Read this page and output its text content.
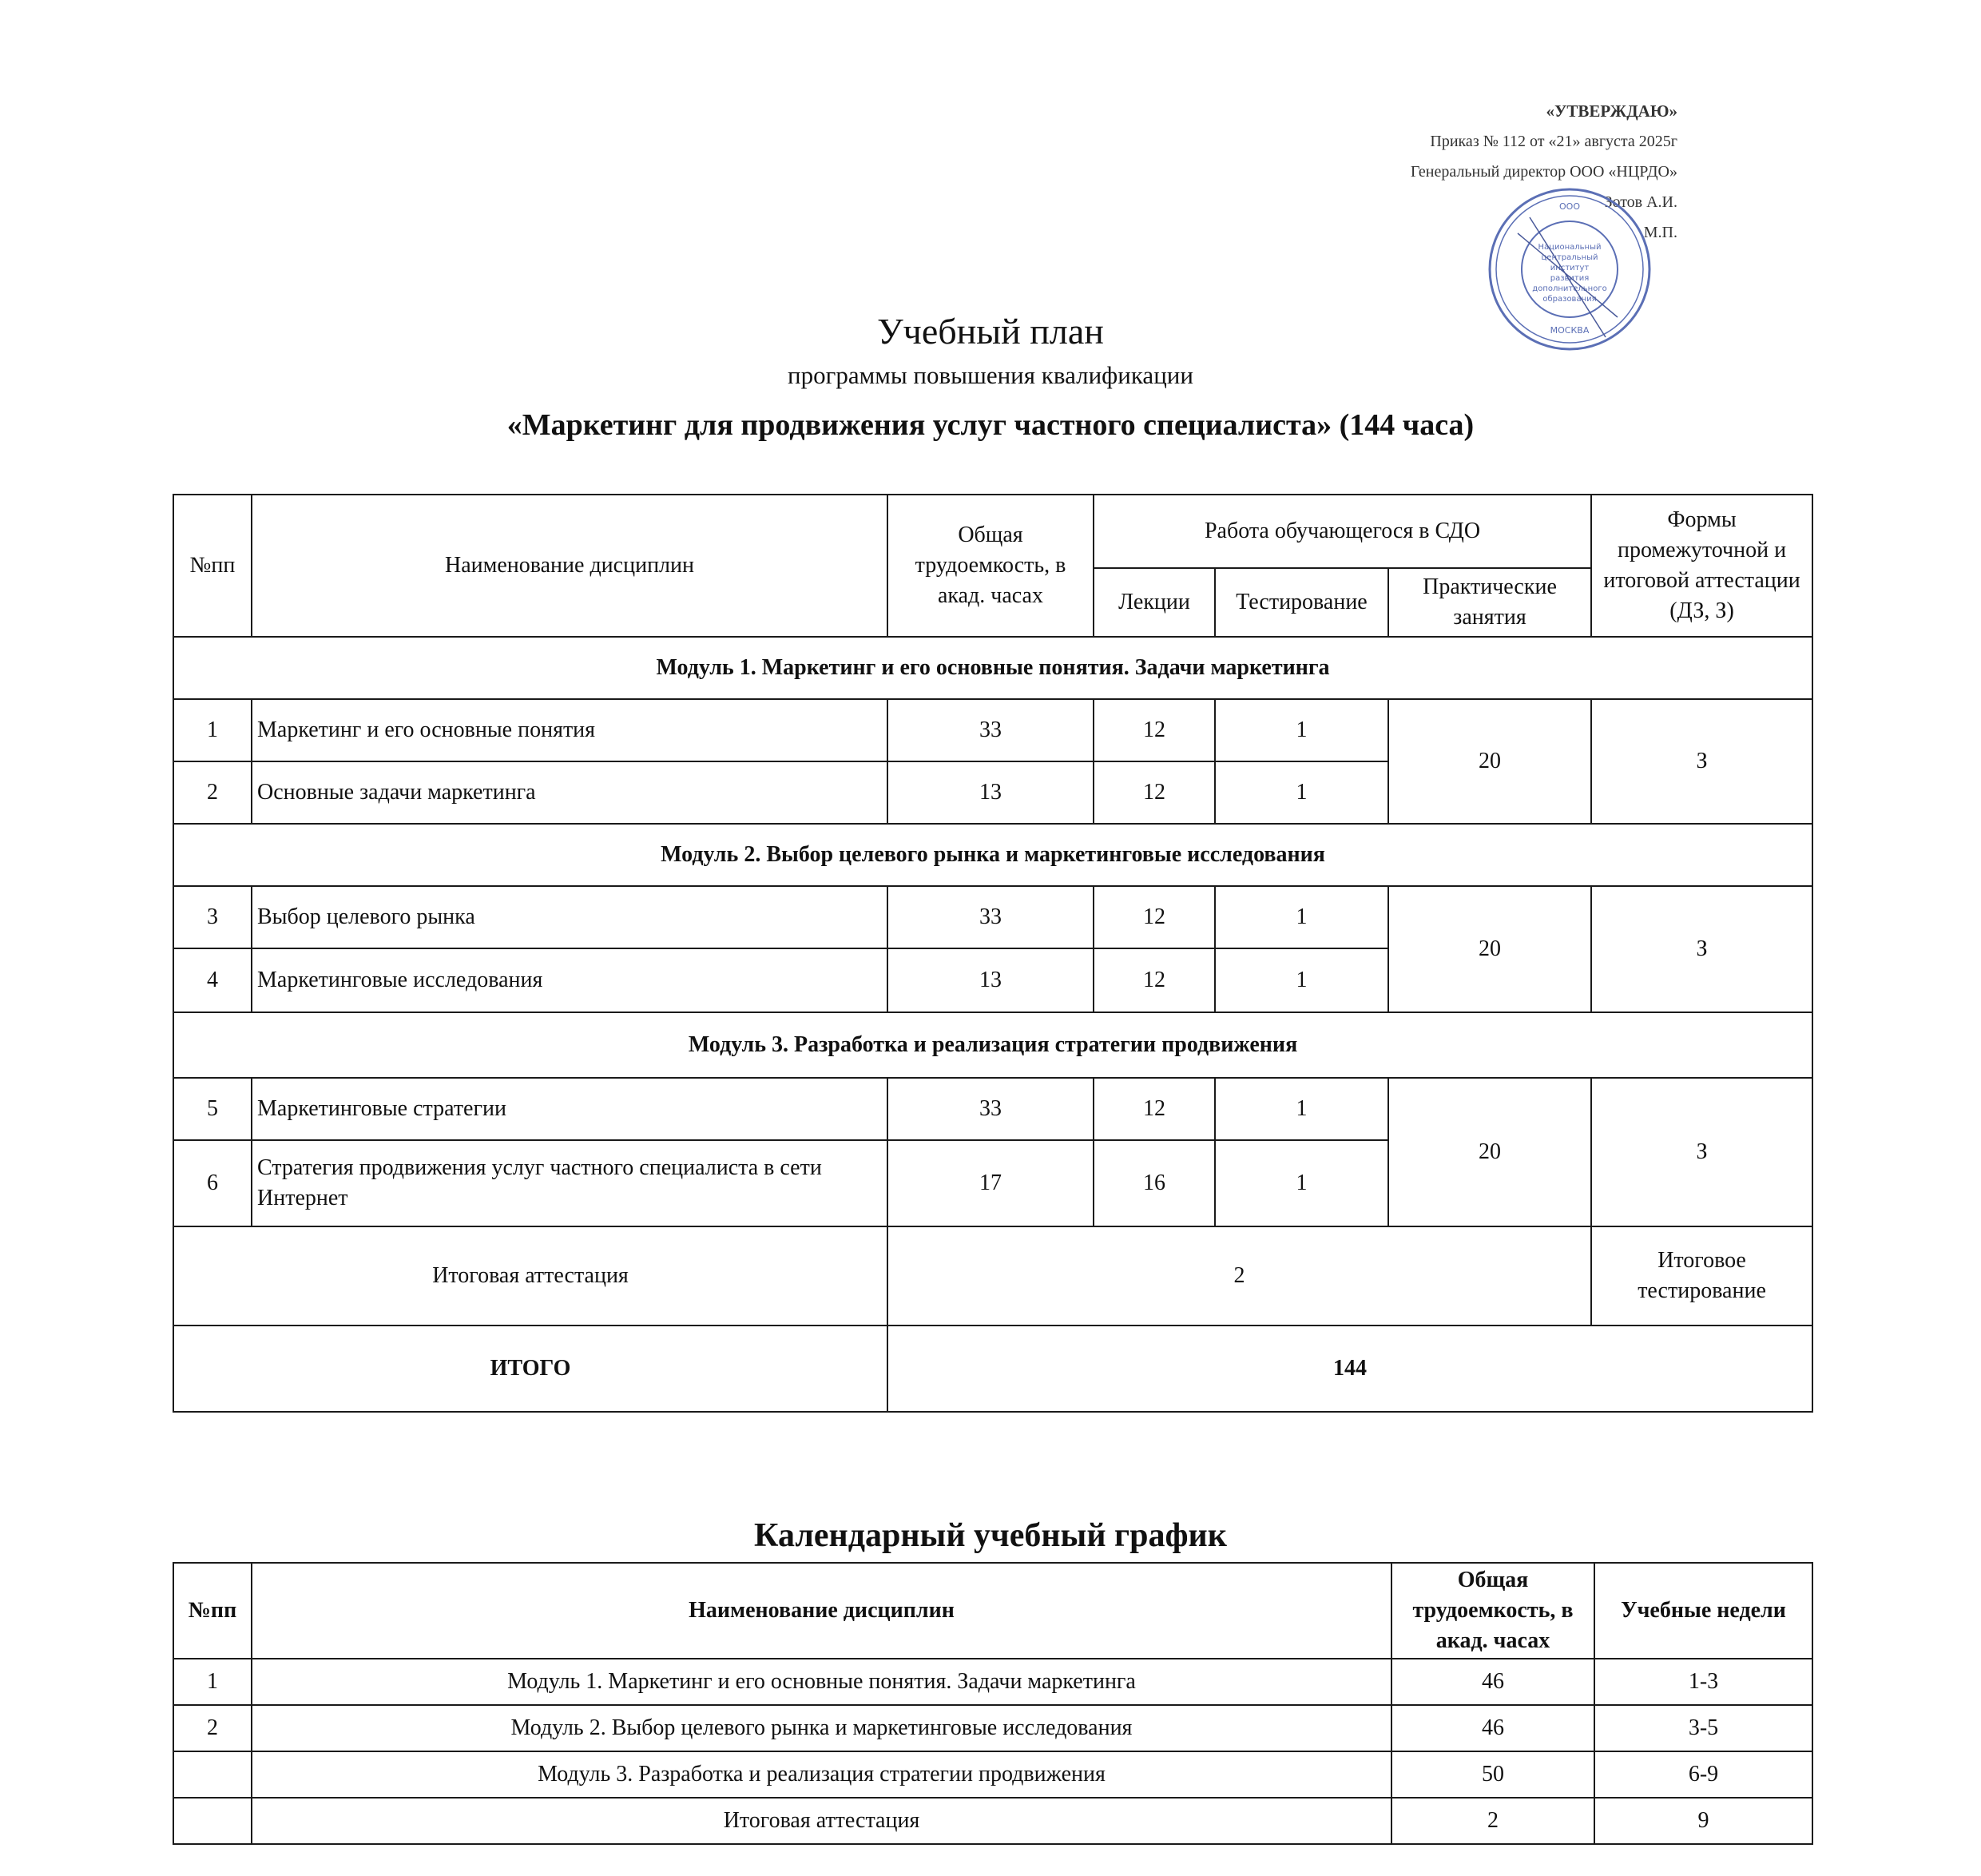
«УТВЕРЖДАЮ»
Приказ № 112 от «21» августа 2025г
Генеральный директор ООО «НЦРДО»
Зотов А.И.
М.П.
Национальный
центральный
институт
развития
дополнительного
образования
МОСКВА
ООО
Учебный план
программы повышения квалификации
«Маркетинг для продвижения услуг частного специалиста» (144 часа)
№пп	Наименование дисциплин	Общая трудоемкость, в акад. часах	Работа обучающегося в СДО			Формы промежуточной и итоговой аттестации (ДЗ, З)
			Лекции	Тестирование	Практические занятия	
Модуль 1. Маркетинг и его основные понятия. Задачи маркетинга						
1	Маркетинг и его основные понятия	33	12	1	20	З
2	Основные задачи маркетинга	13	12	1		
Модуль 2. Выбор целевого рынка и маркетинговые исследования						
3	Выбор целевого рынка	33	12	1	20	З
4	Маркетинговые исследования	13	12	1		
Модуль 3. Разработка и реализация стратегии продвижения						
5	Маркетинговые стратегии	33	12	1	20	З
6	Стратегия продвижения услуг частного специалиста в сети Интернет	17	16	1		
Итоговая аттестация		2				Итоговое тестирование
ИТОГО		144				
Календарный учебный график
№пп	Наименование дисциплин	Общая трудоемкость, в акад. часах	Учебные недели
1	Модуль 1. Маркетинг и его основные понятия. Задачи маркетинга	46	1-3
2	Модуль 2. Выбор целевого рынка и маркетинговые исследования	46	3-5
	Модуль 3. Разработка и реализация стратегии продвижения	50	6-9
	Итоговая аттестация	2	9
